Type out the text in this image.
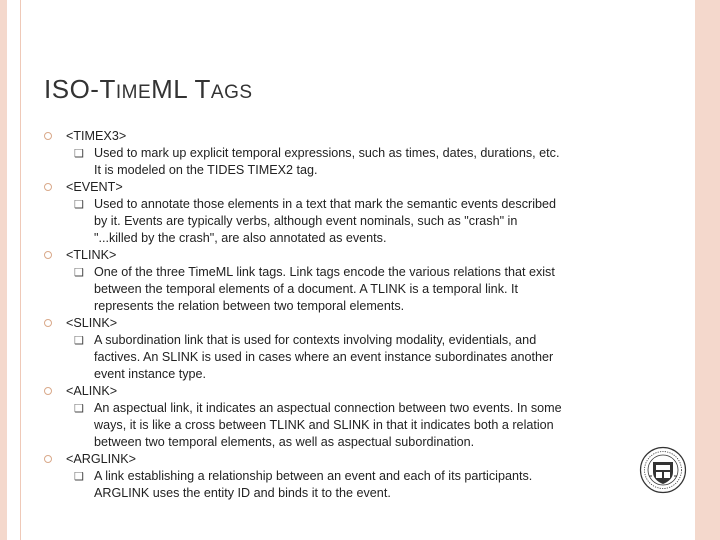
ISO-TIMEML TAGS
<TIMEX3>
❑ Used to mark up explicit temporal expressions, such as times, dates, durations, etc.
It is modeled on the TIDES TIMEX2 tag.
<EVENT>
❑ Used to annotate those elements in a text that mark the semantic events described
by it. Events are typically verbs, although event nominals, such as "crash" in
"...killed by the crash", are also annotated as events.
<TLINK>
❑ One of the three TimeML link tags. Link tags encode the various relations that exist
between the temporal elements of a document. A TLINK is a temporal link. It
represents the relation between two temporal elements.
<SLINK>
❑ A subordination link that is used for contexts involving modality, evidentials, and
factives. An SLINK is used in cases where an event instance subordinates another
event instance type.
<ALINK>
❑ An aspectual link, it indicates an aspectual connection between two events. In some
ways, it is like a cross between TLINK and SLINK in that it indicates both a relation
between two temporal elements, as well as aspectual subordination.
<ARGLINK>
❑ A link establishing a relationship between an event and each of its participants.
ARGLINK uses the entity ID and binds it to the event.
